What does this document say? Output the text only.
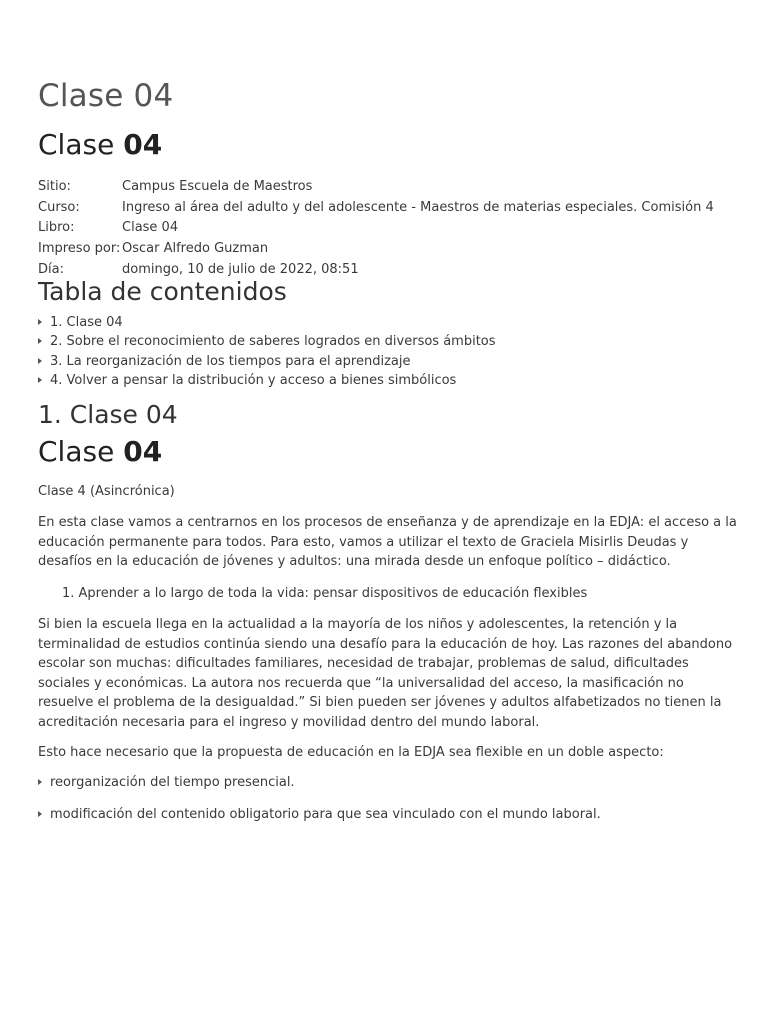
Clase 04
Clase 04
Sitio:	Campus Escuela de Maestros
Curso:	Ingreso al área del adulto y del adolescente - Maestros de materias especiales. Comisión 4
Libro:	Clase 04
Impreso por:	Oscar Alfredo Guzman
Día:	domingo, 10 de julio de 2022, 08:51
Tabla de contenidos
1. Clase 04
2. Sobre el reconocimiento de saberes logrados en diversos ámbitos
3. La reorganización de los tiempos para el aprendizaje
4. Volver a pensar la distribución y acceso a bienes simbólicos
1. Clase 04
Clase 04

Clase 4 (Asincrónica)

En esta clase vamos a centrarnos en los procesos de enseñanza y de aprendizaje en la EDJA: el acceso a la educación permanente para todos. Para esto, vamos a utilizar el texto de Graciela Misirlis Deudas y desafíos en la educación de jóvenes y adultos: una mirada desde un enfoque político – didáctico.

1. Aprender a lo largo de toda la vida: pensar dispositivos de educación flexibles

Si bien la escuela llega en la actualidad a la mayoría de los niños y adolescentes, la retención y la terminalidad de estudios continúa siendo una desafío para la educación de hoy. Las razones del abandono escolar son muchas: dificultades familiares, necesidad de trabajar, problemas de salud, dificultades sociales y económicas. La autora nos recuerda que “la universalidad del acceso, la masificación no resuelve el problema de la desigualdad.” Si bien pueden ser jóvenes y adultos alfabetizados no tienen la acreditación necesaria para el ingreso y movilidad dentro del mundo laboral.

Esto hace necesario que la propuesta de educación en la EDJA sea flexible en un doble aspecto:

reorganización del tiempo presencial.

modificación del contenido obligatorio para que sea vinculado con el mundo laboral.
